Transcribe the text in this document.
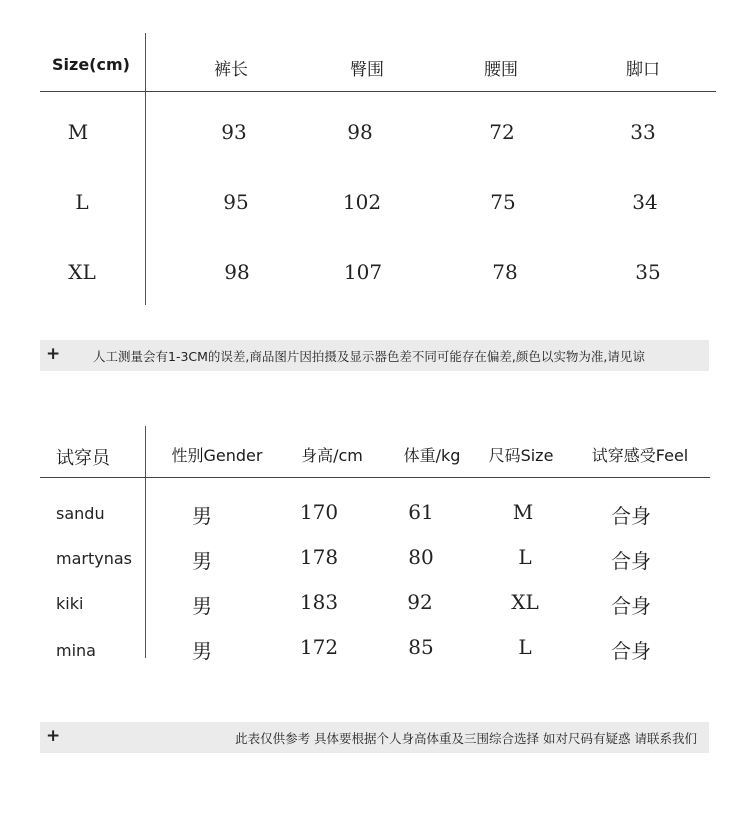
Size(cm)	裤长	臀围	腰围	脚口
M	93	98	72	33
L	95	102	75	34
XL	98	107	78	35
+	人工测量会有1-3CM的误差,商品图片因拍摄及显示器色差不同可能存在偏差,颜色以实物为准,请见谅
试穿员	性别Gender	身高/cm	体重/kg	尺码Size	试穿感受Feel
sandu	男	170	61	M	合身
martynas	男	178	80	L	合身
kiki	男	183	92	XL	合身
mina	男	172	85	L	合身
+	此表仅供参考 具体要根据个人身高体重及三围综合选择 如对尺码有疑惑 请联系我们
